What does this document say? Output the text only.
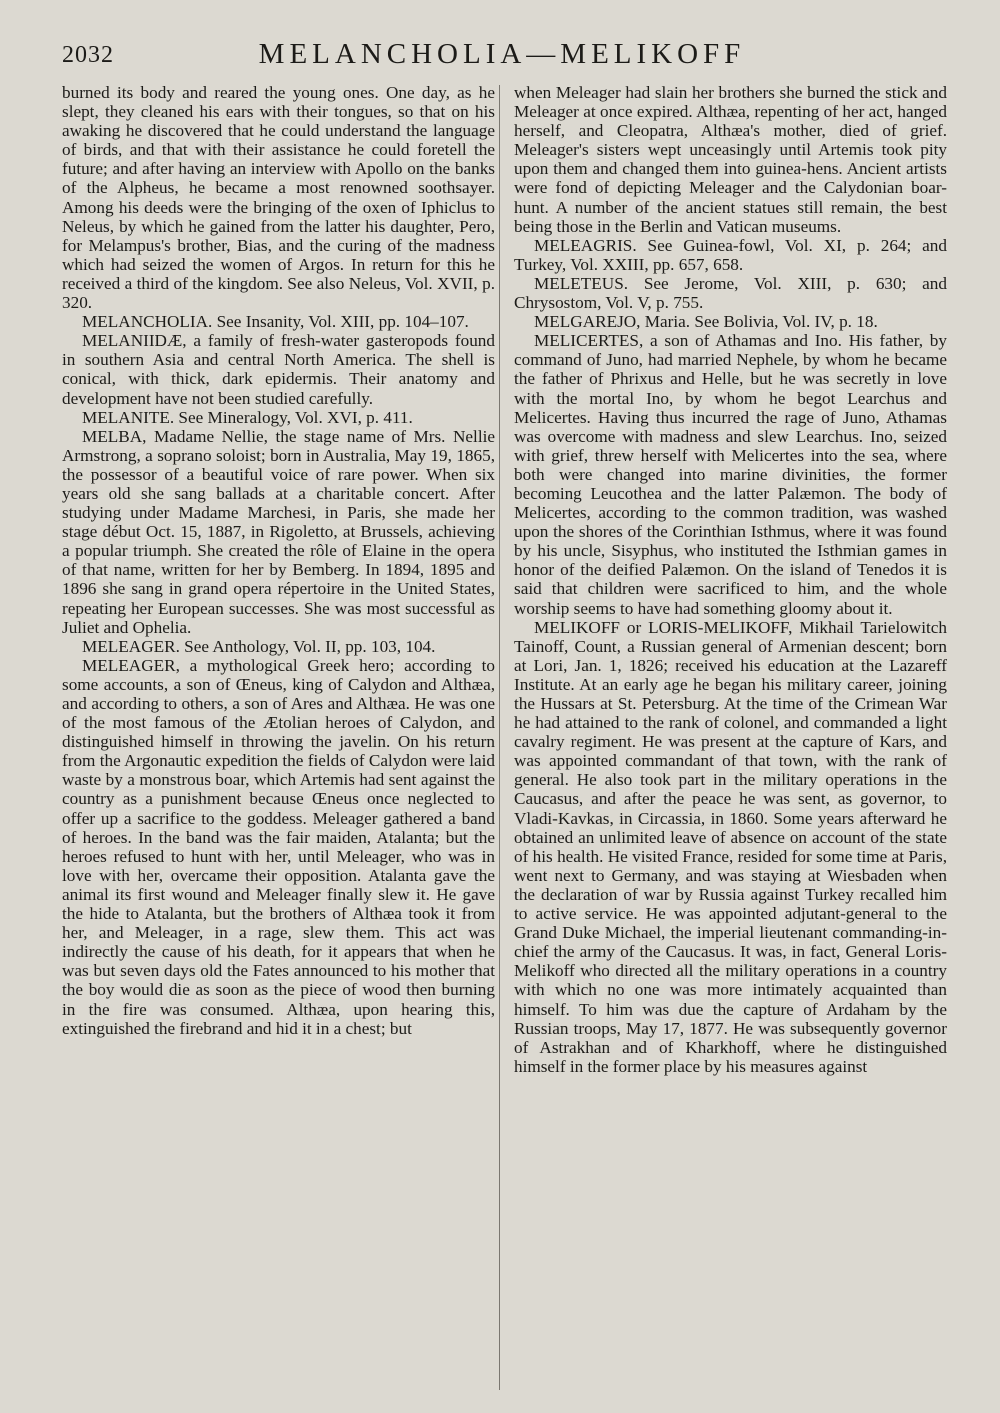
2032	MELANCHOLIA—MELIKOFF

burned its body and reared the young ones. One day, as he slept, they cleaned his ears with their tongues, so that on his awaking he discovered that he could understand the language of birds, and that with their assistance he could foretell the future; and after having an interview with Apollo on the banks of the Alpheus, he became a most renowned soothsayer. Among his deeds were the bringing of the oxen of Iphiclus to Neleus, by which he gained from the latter his daughter, Pero, for Melampus's brother, Bias, and the curing of the madness which had seized the women of Argos. In return for this he received a third of the kingdom. See also Neleus, Vol. XVII, p. 320.

MELANCHOLIA. See Insanity, Vol. XIII, pp. 104–107.

MELANIIDÆ, a family of fresh-water gasteropods found in southern Asia and central North America. The shell is conical, with thick, dark epidermis. Their anatomy and development have not been studied carefully.

MELANITE. See Mineralogy, Vol. XVI, p. 411.

MELBA, Madame Nellie, the stage name of Mrs. Nellie Armstrong, a soprano soloist; born in Australia, May 19, 1865, the possessor of a beautiful voice of rare power. When six years old she sang ballads at a charitable concert. After studying under Madame Marchesi, in Paris, she made her stage début Oct. 15, 1887, in Rigoletto, at Brussels, achieving a popular triumph. She created the rôle of Elaine in the opera of that name, written for her by Bemberg. In 1894, 1895 and 1896 she sang in grand opera répertoire in the United States, repeating her European successes. She was most successful as Juliet and Ophelia.

MELEAGER. See Anthology, Vol. II, pp. 103, 104.

MELEAGER, a mythological Greek hero; according to some accounts, a son of Œneus, king of Calydon and Althæa, and according to others, a son of Ares and Althæa. He was one of the most famous of the Ætolian heroes of Calydon, and distinguished himself in throwing the javelin. On his return from the Argonautic expedition the fields of Calydon were laid waste by a monstrous boar, which Artemis had sent against the country as a punishment because Œneus once neglected to offer up a sacrifice to the goddess. Meleager gathered a band of heroes. In the band was the fair maiden, Atalanta; but the heroes refused to hunt with her, until Meleager, who was in love with her, overcame their opposition. Atalanta gave the animal its first wound and Meleager finally slew it. He gave the hide to Atalanta, but the brothers of Althæa took it from her, and Meleager, in a rage, slew them. This act was indirectly the cause of his death, for it appears that when he was but seven days old the Fates announced to his mother that the boy would die as soon as the piece of wood then burning in the fire was consumed. Althæa, upon hearing this, extinguished the firebrand and hid it in a chest; but

when Meleager had slain her brothers she burned the stick and Meleager at once expired. Althæa, repenting of her act, hanged herself, and Cleopatra, Althæa's mother, died of grief. Meleager's sisters wept unceasingly until Artemis took pity upon them and changed them into guinea-hens. Ancient artists were fond of depicting Meleager and the Calydonian boar-hunt. A number of the ancient statues still remain, the best being those in the Berlin and Vatican museums.

MELEAGRIS. See Guinea-fowl, Vol. XI, p. 264; and Turkey, Vol. XXIII, pp. 657, 658.

MELETEUS. See Jerome, Vol. XIII, p. 630; and Chrysostom, Vol. V, p. 755.

MELGAREJO, Maria. See Bolivia, Vol. IV, p. 18.

MELICERTES, a son of Athamas and Ino. His father, by command of Juno, had married Nephele, by whom he became the father of Phrixus and Helle, but he was secretly in love with the mortal Ino, by whom he begot Learchus and Melicertes. Having thus incurred the rage of Juno, Athamas was overcome with madness and slew Learchus. Ino, seized with grief, threw herself with Melicertes into the sea, where both were changed into marine divinities, the former becoming Leucothea and the latter Palæmon. The body of Melicertes, according to the common tradition, was washed upon the shores of the Corinthian Isthmus, where it was found by his uncle, Sisyphus, who instituted the Isthmian games in honor of the deified Palæmon. On the island of Tenedos it is said that children were sacrificed to him, and the whole worship seems to have had something gloomy about it.

MELIKOFF or LORIS-MELIKOFF, Mikhail Tarielowitch Tainoff, Count, a Russian general of Armenian descent; born at Lori, Jan. 1, 1826; received his education at the Lazareff Institute. At an early age he began his military career, joining the Hussars at St. Petersburg. At the time of the Crimean War he had attained to the rank of colonel, and commanded a light cavalry regiment. He was present at the capture of Kars, and was appointed commandant of that town, with the rank of general. He also took part in the military operations in the Caucasus, and after the peace he was sent, as governor, to Vladi-Kavkas, in Circassia, in 1860. Some years afterward he obtained an unlimited leave of absence on account of the state of his health. He visited France, resided for some time at Paris, went next to Germany, and was staying at Wiesbaden when the declaration of war by Russia against Turkey recalled him to active service. He was appointed adjutant-general to the Grand Duke Michael, the imperial lieutenant commanding-in-chief the army of the Caucasus. It was, in fact, General Loris-Melikoff who directed all the military operations in a country with which no one was more intimately acquainted than himself. To him was due the capture of Ardaham by the Russian troops, May 17, 1877. He was subsequently governor of Astrakhan and of Kharkhoff, where he distinguished himself in the former place by his measures against
